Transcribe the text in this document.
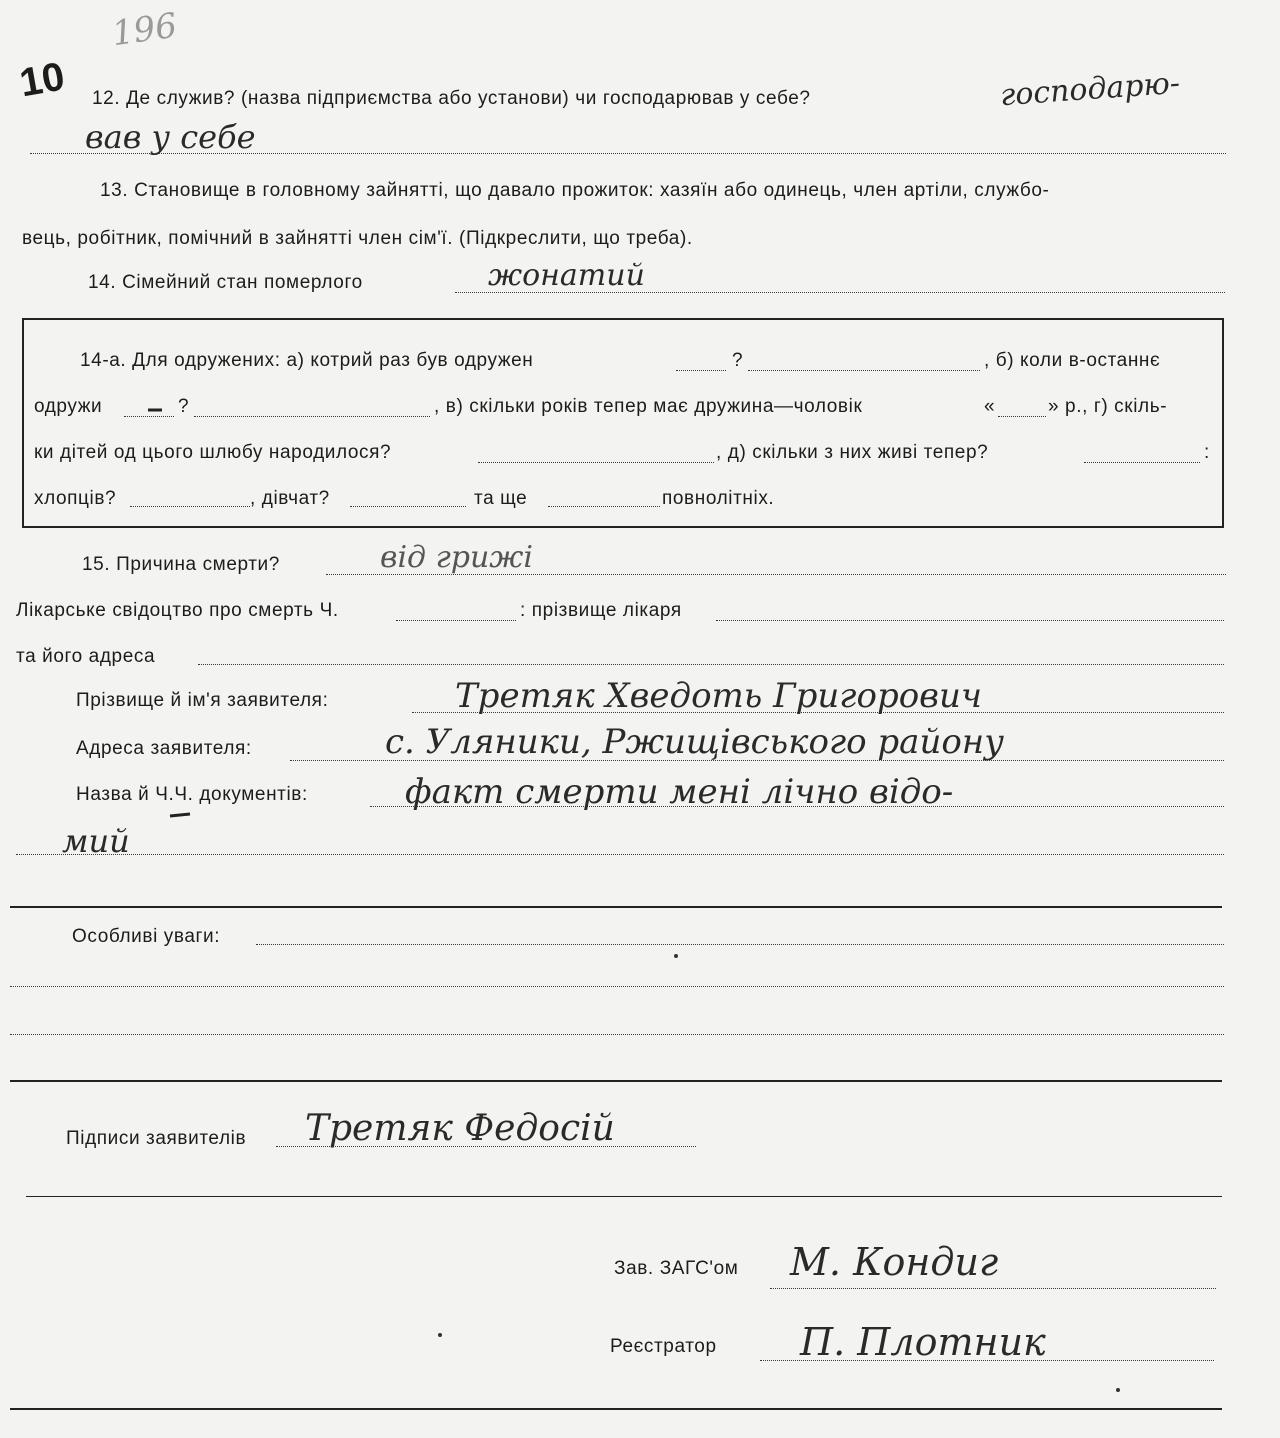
196
10 12. Де служив? (назва підприємства або установи) чи господарював у себе?	господарю-
вав у себе
13. Становище в головному зайнятті, що давало прожиток: хазяїн або одинець, член артіли, службо-
вець, робітник, помічний в зайнятті член сім'ї. (Підкреслити, що треба).
14. Сімейний стан померлого	жонатий
14-а. Для одружених: а) котрий раз був одружен	?	, б) коли в-останнє
одружи	?	, в) скільки років тепер має дружина—чоловік	«	» р., г) скіль-
ки дітей од цього шлюбу народилося?	, д) скільки з них живі тепер?	:
хлопців?	, дівчат?	та ще	повнолітніх.
15. Причина смерти?	від грижі
Лікарське свідоцтво про смерть Ч.	: прізвище лікаря
та його адреса
Прізвище й ім'я заявителя:	Третяк Хведоть Григорович
Адреса заявителя:	с. Уляники, Ржищівського району
Назва й Ч.Ч. документів:	факт смерти мені лічно відо-
мий
Особливі уваги:
Підписи заявителів Третяк Федосій
Зав. ЗАГС'ом М. Кондиг
Реєстратор П. Плотник
